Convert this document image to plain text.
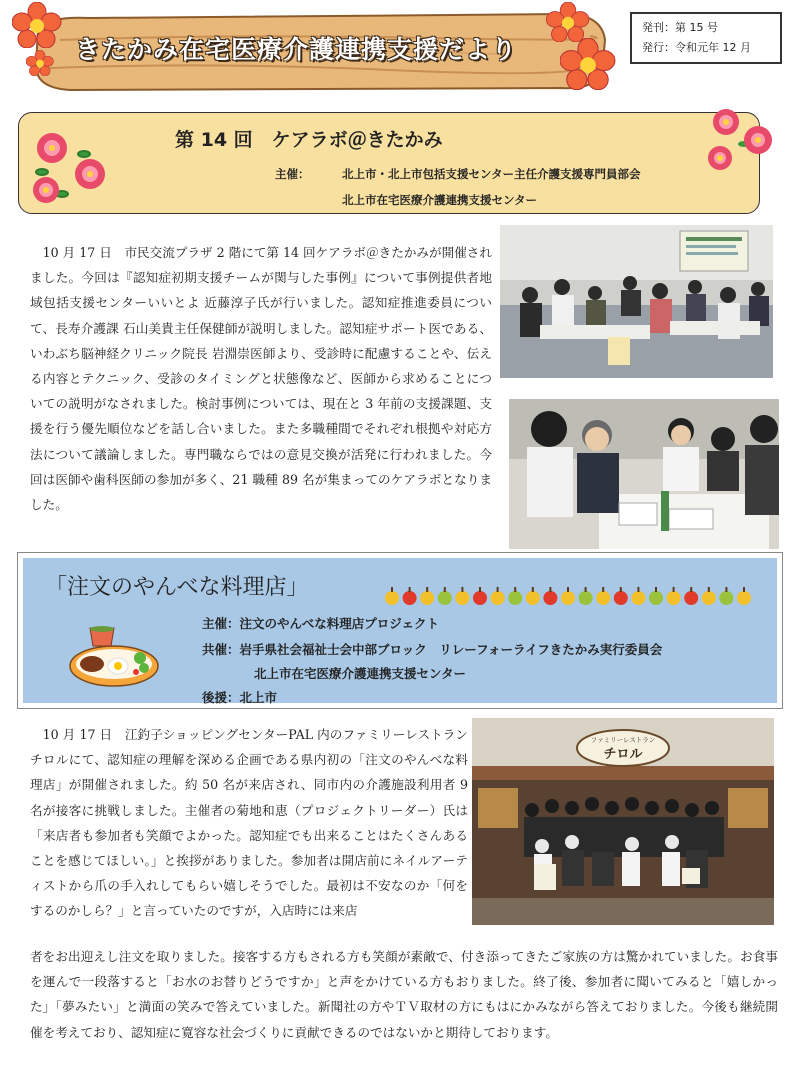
きたかみ在宅医療介護連携支援だより
発刊：第 15 号
発行：令和元年 12 月
第 14 回　ケアラボ＠きたかみ
主催：	北上市・北上市包括支援センター主任介護支援専門員部会
北上市在宅医療介護連携支援センター
　10 月 17 日　市民交流プラザ 2 階にて第 14 回ケアラボ＠きたかみが開催されました。今回は『認知症初期支援チームが関与した事例』について事例提供者地域包括支援センターいいとよ 近藤淳子氏が行いました。認知症推進委員について、長寿介護課 石山美貴主任保健師が説明しました。認知症サポート医である、いわぶち脳神経クリニック院長 岩淵崇医師より、受診時に配慮することや、伝える内容とテクニック、受診のタイミングと状態像など、医師から求めることについての説明がなされました。検討事例については、現在と 3 年前の支援課題、支援を行う優先順位などを話し合いました。また多職種間でそれぞれ根拠や対応方法について議論しました。専門職ならではの意見交換が活発に行われました。今回は医師や歯科医師の参加が多く、21 職種 89 名が集まってのケアラボとなりました。
「注文のやんべな料理店」
主催：注文のやんべな料理店プロジェクト
共催：岩手県社会福祉士会中部ブロック　リレーフォーライフきたかみ実行委員会
北上市在宅医療介護連携支援センター
後援：北上市
　10 月 17 日　江釣子ショッピングセンターPAL 内のファミリーレストランチロルにて、認知症の理解を深める企画である県内初の「注文のやんべな料理店」が開催されました。約 50 名が来店され、同市内の介護施設利用者 9 名が接客に挑戦しました。主催者の菊地和恵（プロジェクトリーダー）氏は「来店者も参加者も笑顔でよかった。認知症でも出来ることはたくさんあることを感じてほしい。」と挨拶がありました。参加者は開店前にネイルアーティストから爪の手入れしてもらい嬉しそうでした。最初は不安なのか「何をするのかしら？」と言っていたのですが，入店時には来店
ファミリーレストラン
チロル
者をお出迎えし注文を取りました。接客する方もされる方も笑顔が素敵で、付き添ってきたご家族の方は驚かれていました。お食事を運んで一段落すると「お水のお替りどうですか」と声をかけている方もおりました。終了後、参加者に聞いてみると「嬉しかった」「夢みたい」と満面の笑みで答えていました。新聞社の方やＴＶ取材の方にもはにかみながら答えておりました。今後も継続開催を考えており、認知症に寛容な社会づくりに貢献できるのではないかと期待しております。
